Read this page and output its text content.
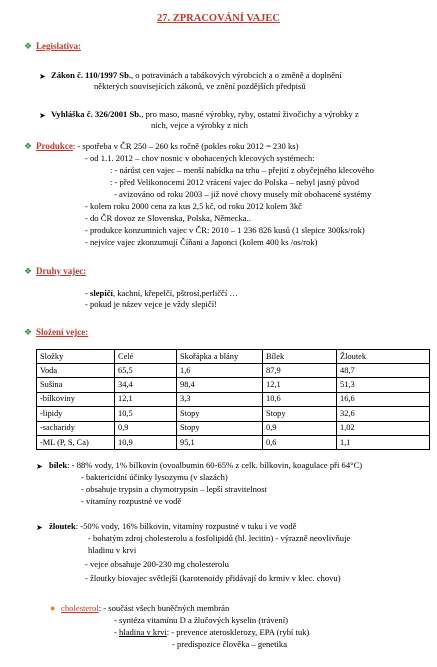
27. ZPRACOVÁNÍ VAJEC
❖ Legislativa:
➤ Zákon č. 110/1997 Sb., o potravinách a tabákových výrobcích a o změně a doplnění
některých souvisejících zákonů, ve znění pozdějších předpisů
➤ Vyhláška č. 326/2001 Sb., pro maso, masné výrobky, ryby, ostatní živočichy a výrobky z
nich, vejce a výrobky z nich
❖ Produkce: - spotřeba v ČR 250 – 260 ks ročně (pokles roku 2012 = 230 ks)
- od 1.1. 2012 – chov nosnic v obohacených klecových systémech:
: - nárůst cen vajec – menší nabídka na trhu – přejití z obyčejného klecového
: - před Velikonocemi 2012 vrácení vajec do Polska – nebyl jasný původ
- avizováno od roku 2003 – již nové chovy musely mít obohacené systémy
- kolem roku 2000 cena za kus 2,5 kč, od roku 2012 kolem 3kč
- do ČR dovoz ze Slovenska, Polska, Německa..
- produkce konzumních vajec v ČR: 2010 – 1 236 826 kusů (1 slepice 300ks/rok)
- nejvíce vajec zkonzumují Číňani a Japonci (kolem 400 ks /os/rok)
❖ Druhy vajec:
- slepičí, kachní, křepelčí, pštrosí,perliččí …
- pokud je název vejce je vždy slepičí!
❖ Složení vejce:
Složky	Celé	Skořápka a blány	Bílek	Žloutek
Voda	65,5	1,6	87,9	48,7
Sušina	34,4	98,4	12,1	51,3
-bílkoviny	12,1	3,3	10,6	16,6
-lipidy	10,5	Stopy	Stopy	32,6
-sacharidy	0,9	Stopy	0,9	1,02
-ML (P, S, Ca)	10,9	95,1	0,6	1,1
➤ bílek: - 88% vody, 1% bílkovin (ovoalbumin 60-65% z celk. bílkovin, koagulace při 64°C)
- baktericidní účinky lysozymu (v slazách)
- obsahuje trypsin a chymotrypsin – lepší stravitelnost
- vitamíny rozpustné ve vodě
➤ žloutek: -50% vody, 16% bílkovin, vitamíny rozpustné v tuku i ve vodě
- bohatým zdroj cholesterolu a fosfolipidů (hl. lecitin) - výrazně neovlivňuje
hladinu v krvi
- vejce obsahuje 200-230 mg cholesterolu
- žloutky biovajec světlejší (karotenoidy přidávají do krmiv v klec. chovu)
● cholesterol: - součást všech buněčných membrán
- syntéza vitamínu D a žlučových kyselin (trávení)
- hladina v krvi: - prevence aterosklerozy, EPA (rybí tuk)
- predispozice člověka – genetika
